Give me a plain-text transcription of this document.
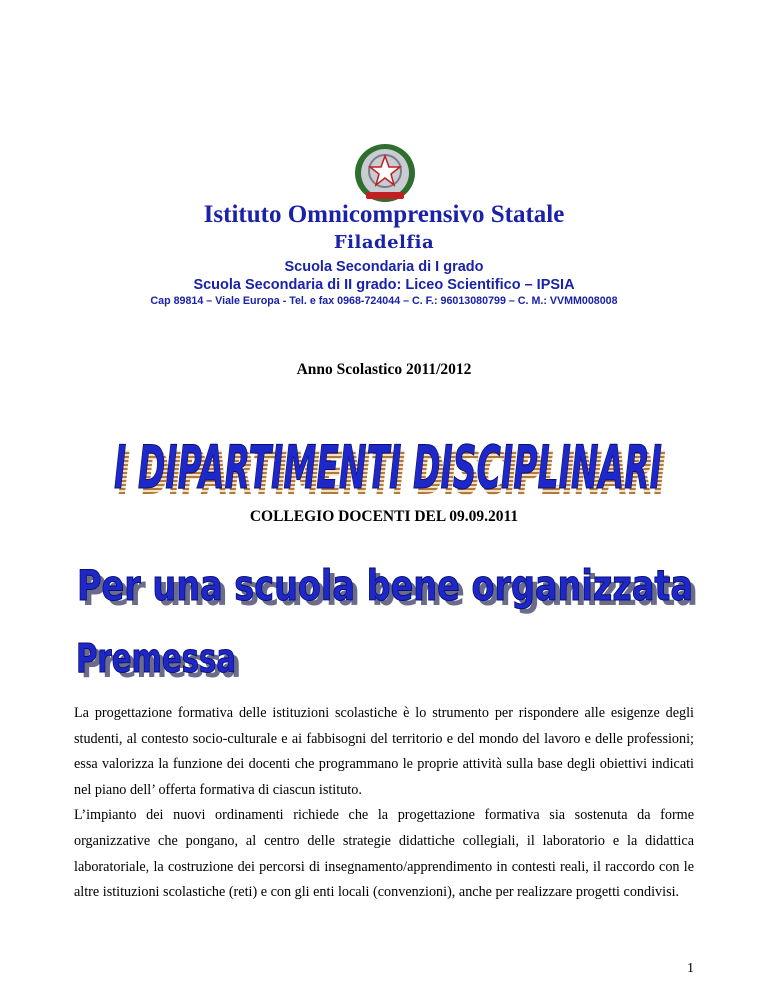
Istituto Omnicomprensivo Statale
Filadelfia
Scuola Secondaria di I grado
Scuola Secondaria di II grado: Liceo Scientifico – IPSIA
Cap 89814 – Viale Europa - Tel. e fax 0968-724044 – C. F.: 96013080799 – C. M.: VVMM008008
Anno Scolastico 2011/2012
I DIPARTIMENTI DISCIPLINARI
I DIPARTIMENTI DISCIPLINARI
COLLEGIO DOCENTI DEL 09.09.2011
Per una scuola bene organizzata
Per una scuola bene organizzata
Premessa
Premessa

La progettazione formativa delle istituzioni scolastiche è lo strumento per rispondere alle esigenze degli studenti, al contesto socio-culturale e ai fabbisogni del territorio e del mondo del lavoro e delle professioni; essa valorizza la funzione dei docenti che programmano le proprie attività sulla base degli obiettivi indicati nel piano dell’ offerta formativa di ciascun istituto.

L’impianto dei nuovi ordinamenti richiede che la progettazione formativa sia sostenuta da forme organizzative che pongano, al centro delle strategie didattiche collegiali, il laboratorio e la didattica laboratoriale, la costruzione dei percorsi di insegnamento/apprendimento in contesti reali, il raccordo con le altre istituzioni scolastiche (reti) e con gli enti locali (convenzioni), anche per realizzare progetti condivisi.

1
